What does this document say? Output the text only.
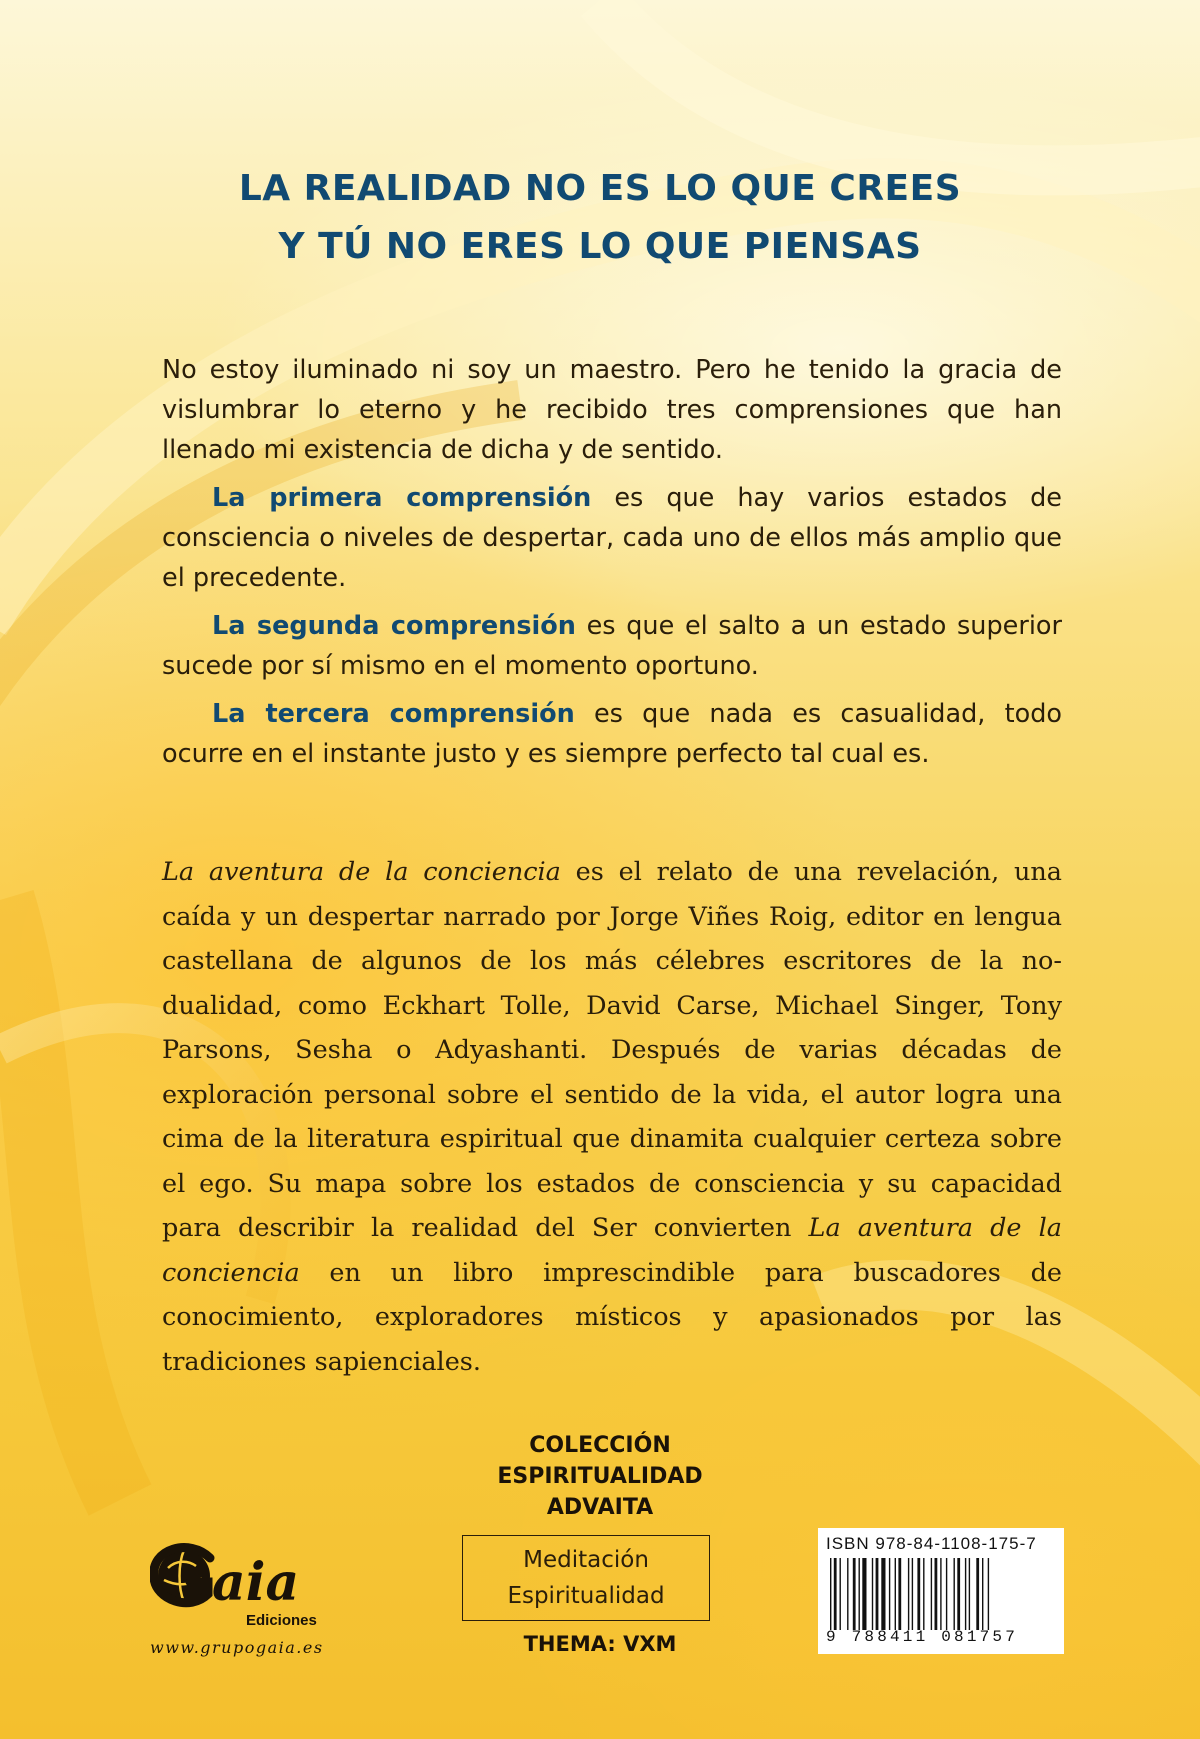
LA REALIDAD NO ES LO QUE CREES
Y TÚ NO ERES LO QUE PIENSAS

No estoy iluminado ni soy un maestro. Pero he tenido la gracia de vislumbrar lo eterno y he recibido tres comprensiones que han llenado mi existencia de dicha y de sentido.

La primera comprensión es que hay varios estados de consciencia o niveles de despertar, cada uno de ellos más amplio que el precedente.

La segunda comprensión es que el salto a un estado superior sucede por sí mismo en el momento oportuno.

La tercera comprensión es que nada es casualidad, todo ocurre en el instante justo y es siempre perfecto tal cual es.

La aventura de la conciencia es el relato de una revelación, una caída y un despertar narrado por Jorge Viñes Roig, editor en lengua castellana de algunos de los más célebres escritores de la no-dualidad, como Eckhart Tolle, David Carse, Michael Singer, Tony Parsons, Sesha o Adyashanti. Después de varias décadas de exploración personal sobre el sentido de la vida, el autor logra una cima de la literatura espiritual que dinamita cualquier certeza sobre el ego. Su mapa sobre los estados de consciencia y su capacidad para describir la realidad del Ser convierten La aventura de la conciencia en un libro imprescindible para buscadores de conocimiento, exploradores místicos y apasionados por las tradiciones sapienciales.

aia
Ediciones
www.grupogaia.es
COLECCIÓN
ESPIRITUALIDAD
ADVAITA
Meditación
Espiritualidad
THEMA: VXM
ISBN 978-84-1108-175-7
9 788411 081757
